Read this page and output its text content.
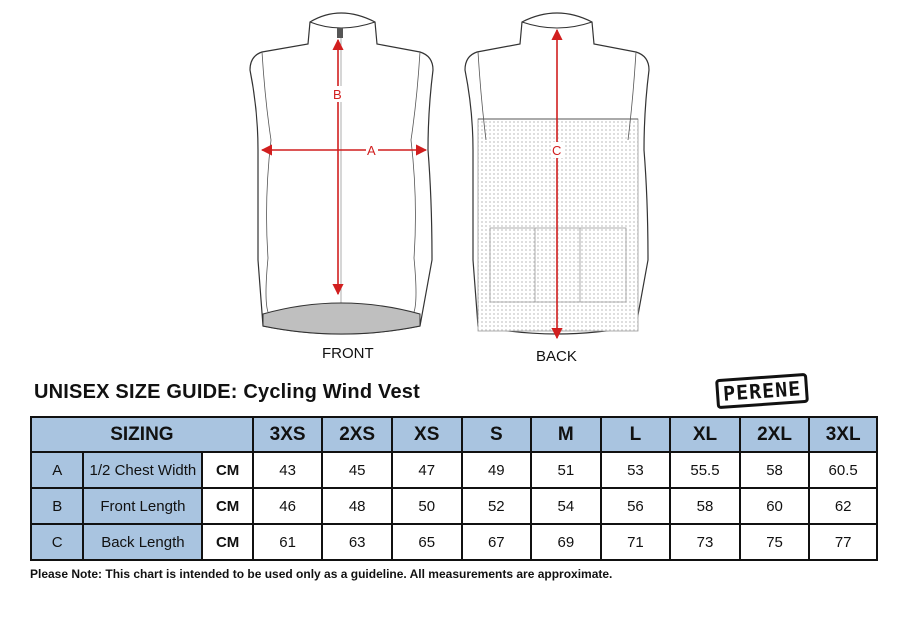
B
A
FRONT
C
BACK
UNISEX SIZE GUIDE: Cycling Wind Vest	PERENE
SIZING			3XS	2XS	XS	S	M	L	XL	2XL	3XL
A	1/2 Chest Width	CM	43	45	47	49	51	53	55.5	58	60.5
B	Front Length	CM	46	48	50	52	54	56	58	60	62
C	Back Length	CM	61	63	65	67	69	71	73	75	77
Please Note: This chart is intended to be used only as a guideline. All measurements are approximate.
